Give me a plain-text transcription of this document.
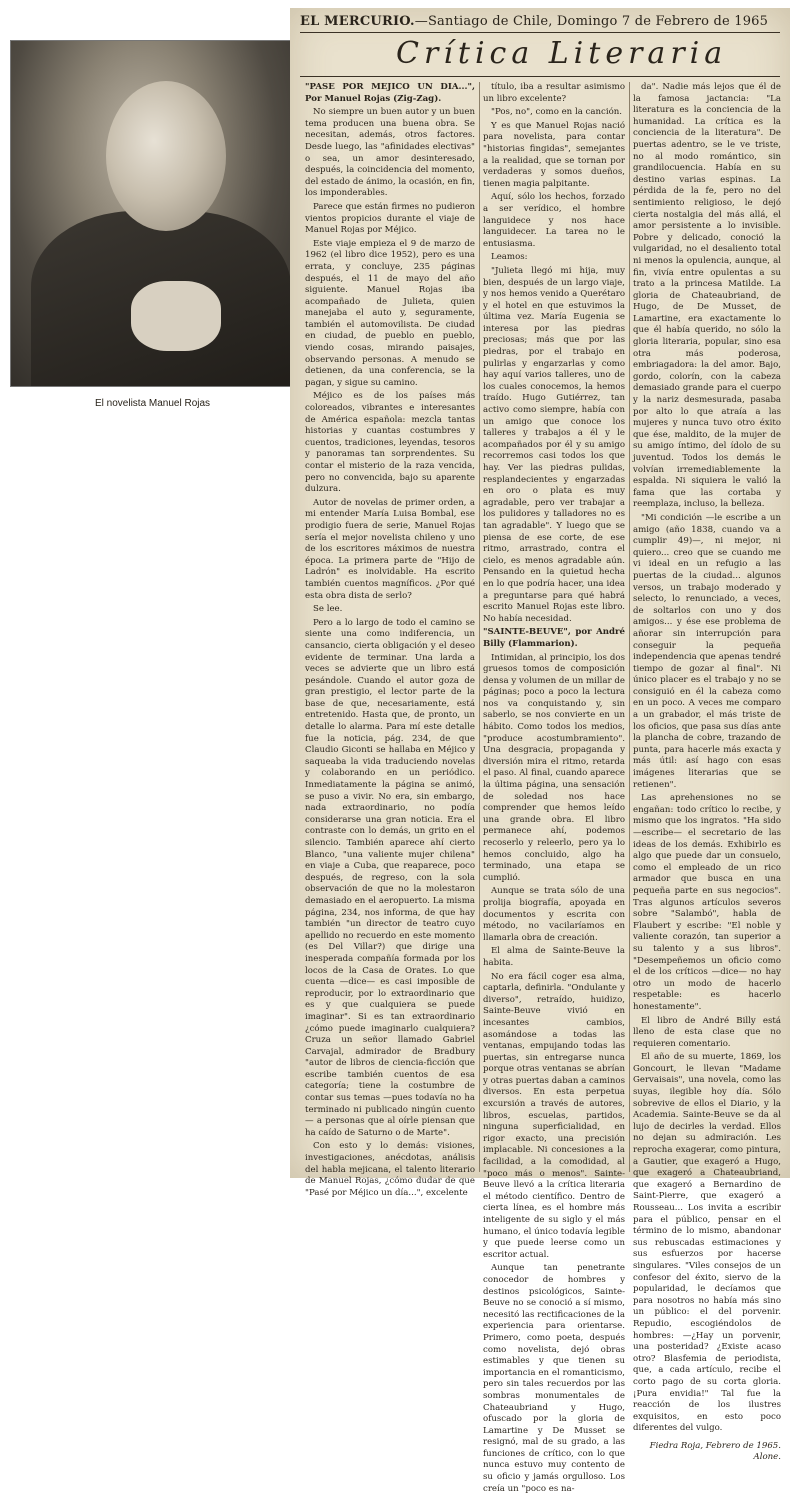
El novelista Manuel Rojas
EL MERCURIO.—Santiago de Chile, Domingo 7 de Febrero de 1965
Crítica Literaria

"PASE POR MEJICO UN DIA...", Por Manuel Rojas (Zig-Zag).

No siempre un buen autor y un buen tema producen una buena obra. Se necesitan, además, otros factores. Desde luego, las "afinidades electivas" o sea, un amor desinteresado, después, la coincidencia del momento, del estado de ánimo, la ocasión, en fin, los imponderables.

Parece que están firmes no pudieron vientos propicios durante el viaje de Manuel Rojas por Méjico.

Este viaje empieza el 9 de marzo de 1962 (el libro dice 1952), pero es una errata, y concluye, 235 páginas después, el 11 de mayo del año siguiente. Manuel Rojas iba acompañado de Julieta, quien manejaba el auto y, seguramente, también el automovilista. De ciudad en ciudad, de pueblo en pueblo, viendo cosas, mirando paisajes, observando personas. A menudo se detienen, da una conferencia, se la pagan, y sigue su camino.

Méjico es de los países más coloreados, vibrantes e interesantes de América española: mezcla tantas historias y cuantas costumbres y cuentos, tradiciones, leyendas, tesoros y panoramas tan sorprendentes. Su contar el misterio de la raza vencida, pero no convencida, bajo su aparente dulzura.

Autor de novelas de primer orden, a mi entender María Luisa Bombal, ese prodigio fuera de serie, Manuel Rojas sería el mejor novelista chileno y uno de los escritores máximos de nuestra época. La primera parte de "Hijo de Ladrón" es inolvidable. Ha escrito también cuentos magníficos. ¿Por qué esta obra dista de serlo?

Se lee.

Pero a lo largo de todo el camino se siente una como indiferencia, un cansancio, cierta obligación y el deseo evidente de terminar. Una larda a veces se advierte que un libro está pesándole. Cuando el autor goza de gran prestigio, el lector parte de la base de que, necesariamente, está entretenido. Hasta que, de pronto, un detalle lo alarma. Para mí este detalle fue la noticia, pág. 234, de que Claudio Giconti se hallaba en Méjico y saqueaba la vida traduciendo novelas y colaborando en un periódico. Inmediatamente la página se animó, se puso a vivir. No era, sin embargo, nada extraordinario, no podía considerarse una gran noticia. Era el contraste con lo demás, un grito en el silencio. También aparece ahí cierto Blanco, "una valiente mujer chilena" en viaje a Cuba, que reaparece, poco después, de regreso, con la sola observación de que no la molestaron demasiado en el aeropuerto. La misma página, 234, nos informa, de que hay también "un director de teatro cuyo apellido no recuerdo en este momento (es Del Villar?) que dirige una inesperada compañía formada por los locos de la Casa de Orates. Lo que cuenta —dice— es casi imposible de reproducir, por lo extraordinario que es y que cualquiera se puede imaginar". Si es tan extraordinario ¿cómo puede imaginarlo cualquiera? Cruza un señor llamado Gabriel Carvajal, admirador de Bradbury "autor de libros de ciencia-ficción que escribe también cuentos de esa categoría; tiene la costumbre de contar sus temas —pues todavía no ha terminado ni publicado ningún cuento— a personas que al oírle piensan que ha caído de Saturno o de Marte".

Con esto y lo demás: visiones, investigaciones, anécdotas, análisis del habla mejicana, el talento literario de Manuel Rojas, ¿cómo dudar de que "Pasé por Méjico un día...", excelente

título, iba a resultar asimismo un libro excelente?

"Pos, no", como en la canción.

Y es que Manuel Rojas nació para novelista, para contar "historias fingidas", semejantes a la realidad, que se tornan por verdaderas y somos dueños, tienen magia palpitante.

Aquí, sólo los hechos, forzado a ser verídico, el hombre languidece y nos hace languidecer. La tarea no le entusiasma.

Leamos:

"Julieta llegó mi hija, muy bien, después de un largo viaje, y nos hemos venido a Querétaro y el hotel en que estuvimos la última vez. María Eugenia se interesa por las piedras preciosas; más que por las piedras, por el trabajo en pulirlas y engarzarlas y como hay aquí varios talleres, uno de los cuales conocemos, la hemos traído. Hugo Gutiérrez, tan activo como siempre, había con un amigo que conoce los talleres y trabajos a él y le acompañados por él y su amigo recorremos casi todos los que hay. Ver las piedras pulidas, resplandecientes y engarzadas en oro o plata es muy agradable, pero ver trabajar a los pulidores y talladores no es tan agradable". Y luego que se piensa de ese corte, de ese ritmo, arrastrado, contra el cielo, es menos agradable aún. Pensando en la quietud hecha en lo que podría hacer, una idea a preguntarse para qué habrá escrito Manuel Rojas este libro. No había necesidad.

"SAINTE-BEUVE", por André Billy (Flammarion).

Intimidan, al principio, los dos gruesos tomos de composición densa y volumen de un millar de páginas; poco a poco la lectura nos va conquistando y, sin saberlo, se nos convierte en un hábito. Como todos los medios, "produce acostumbramiento". Una desgracia, propaganda y diversión mira el ritmo, retarda el paso. Al final, cuando aparece la última página, una sensación de soledad nos hace comprender que hemos leído una grande obra. El libro permanece ahí, podemos recoserlo y releerlo, pero ya lo hemos concluido, algo ha terminado, una etapa se cumplió.

Aunque se trata sólo de una prolija biografía, apoyada en documentos y escrita con método, no vacilaríamos en llamarla obra de creación.

El alma de Sainte-Beuve la habita.

No era fácil coger esa alma, captarla, definirla. "Ondulante y diverso", retraído, huidizo, Sainte-Beuve vivió en incesantes cambios, asomándose a todas las ventanas, empujando todas las puertas, sin entregarse nunca porque otras ventanas se abrían y otras puertas daban a caminos diversos. En esta perpetua excursión a través de autores, libros, escuelas, partidos, ninguna superficialidad, en rigor exacto, una precisión implacable. Ni concesiones a la facilidad, a la comodidad, al "poco más o menos". Sainte-Beuve llevó a la crítica literaria el método científico. Dentro de cierta línea, es el hombre más inteligente de su siglo y el más humano, el único todavía legible y que puede leerse como un escritor actual.

Aunque tan penetrante conocedor de hombres y destinos psicológicos, Sainte-Beuve no se conoció a sí mismo, necesitó las rectificaciones de la experiencia para orientarse. Primero, como poeta, después como novelista, dejó obras estimables y que tienen su importancia en el romanticismo, pero sin tales recuerdos por las sombras monumentales de Chateaubriand y Hugo, ofuscado por la gloria de Lamartine y De Musset se resignó, mal de su grado, a las funciones de crítico, con lo que nunca estuvo muy contento de su oficio y jamás orgulloso. Los creía un "poco es na-

da". Nadie más lejos que él de la famosa jactancia: "La literatura es la conciencia de la humanidad. La crítica es la conciencia de la literatura". De puertas adentro, se le ve triste, no al modo romántico, sin grandilocuencia. Había en su destino varias espinas. La pérdida de la fe, pero no del sentimiento religioso, le dejó cierta nostalgia del más allá, el amor persistente a lo invisible. Pobre y delicado, conoció la vulgaridad, no el desaliento total ni menos la opulencia, aunque, al fin, vivía entre opulentas a su trato a la princesa Matilde. La gloria de Chateaubriand, de Hugo, de De Musset, de Lamartine, era exactamente lo que él había querido, no sólo la gloria literaria, popular, sino esa otra más poderosa, embriagadora: la del amor. Bajo, gordo, colorín, con la cabeza demasiado grande para el cuerpo y la nariz desmesurada, pasaba por alto lo que atraía a las mujeres y nunca tuvo otro éxito que ése, maldito, de la mujer de su amigo íntimo, del ídolo de su juventud. Todos los demás le volvían irremediablemente la espalda. Ni siquiera le valió la fama que las cortaba y reemplaza, incluso, la belleza.

"Mi condición —le escribe a un amigo (año 1838, cuando va a cumplir 49)—, ni mejor, ni quiero... creo que se cuando me vi ideal en un refugio a las puertas de la ciudad... algunos versos, un trabajo moderado y selecto, lo renunciado, a veces, de soltarlos con uno y dos amigos... y ése ese problema de añorar sin interrupción para conseguir la pequeña independencia que apenas tendré tiempo de gozar al final". Ni único placer es el trabajo y no se consiguió en él la cabeza como en un poco. A veces me comparo a un grabador, el más triste de los oficios, que pasa sus días ante la plancha de cobre, trazando de punta, para hacerle más exacta y más útil: así hago con esas imágenes literarias que se retienen".

Las aprehensiones no se engañan: todo crítico lo recibe, y mismo que los ingratos. "Ha sido —escribe— el secretario de las ideas de los demás. Exhibirlo es algo que puede dar un consuelo, como el empleado de un rico armador que busca en una pequeña parte en sus negocios". Tras algunos artículos severos sobre "Salambó", habla de Flaubert y escribe: "El noble y valiente corazón, tan superior a su talento y a sus libros". "Desempeñemos un oficio como el de los críticos —dice— no hay otro un modo de hacerlo respetable: es hacerlo honestamente".

El libro de André Billy está lleno de esta clase que no requieren comentario.

El año de su muerte, 1869, los Goncourt, le llevan "Madame Gervaisais", una novela, como las suyas, ilegible hoy día. Sólo sobrevive de ellos el Diario, y la Academia. Sainte-Beuve se da al lujo de decirles la verdad. Ellos no dejan su admiración. Les reprocha exagerar, como pintura, a Gautier, que exageró a Hugo, que exageró a Chateaubriand, que exageró a Bernardino de Saint-Pierre, que exageró a Rousseau... Los invita a escribir para el público, pensar en el término de lo mismo, abandonar sus rebuscadas estimaciones y sus esfuerzos por hacerse singulares. "Viles consejos de un confesor del éxito, siervo de la popularidad, le decíamos que para nosotros no había más sino un público: el del porvenir. Repudio, escogiéndolos de hombres: —¿Hay un porvenir, una posteridad? ¿Existe acaso otro? Blasfemia de periodista, que, a cada artículo, recibe el corto pago de su corta gloria. ¡Pura envidia!" Tal fue la reacción de los ilustres exquisitos, en esto poco diferentes del vulgo.

Fiedra Roja, Febrero de 1965. Alone.
